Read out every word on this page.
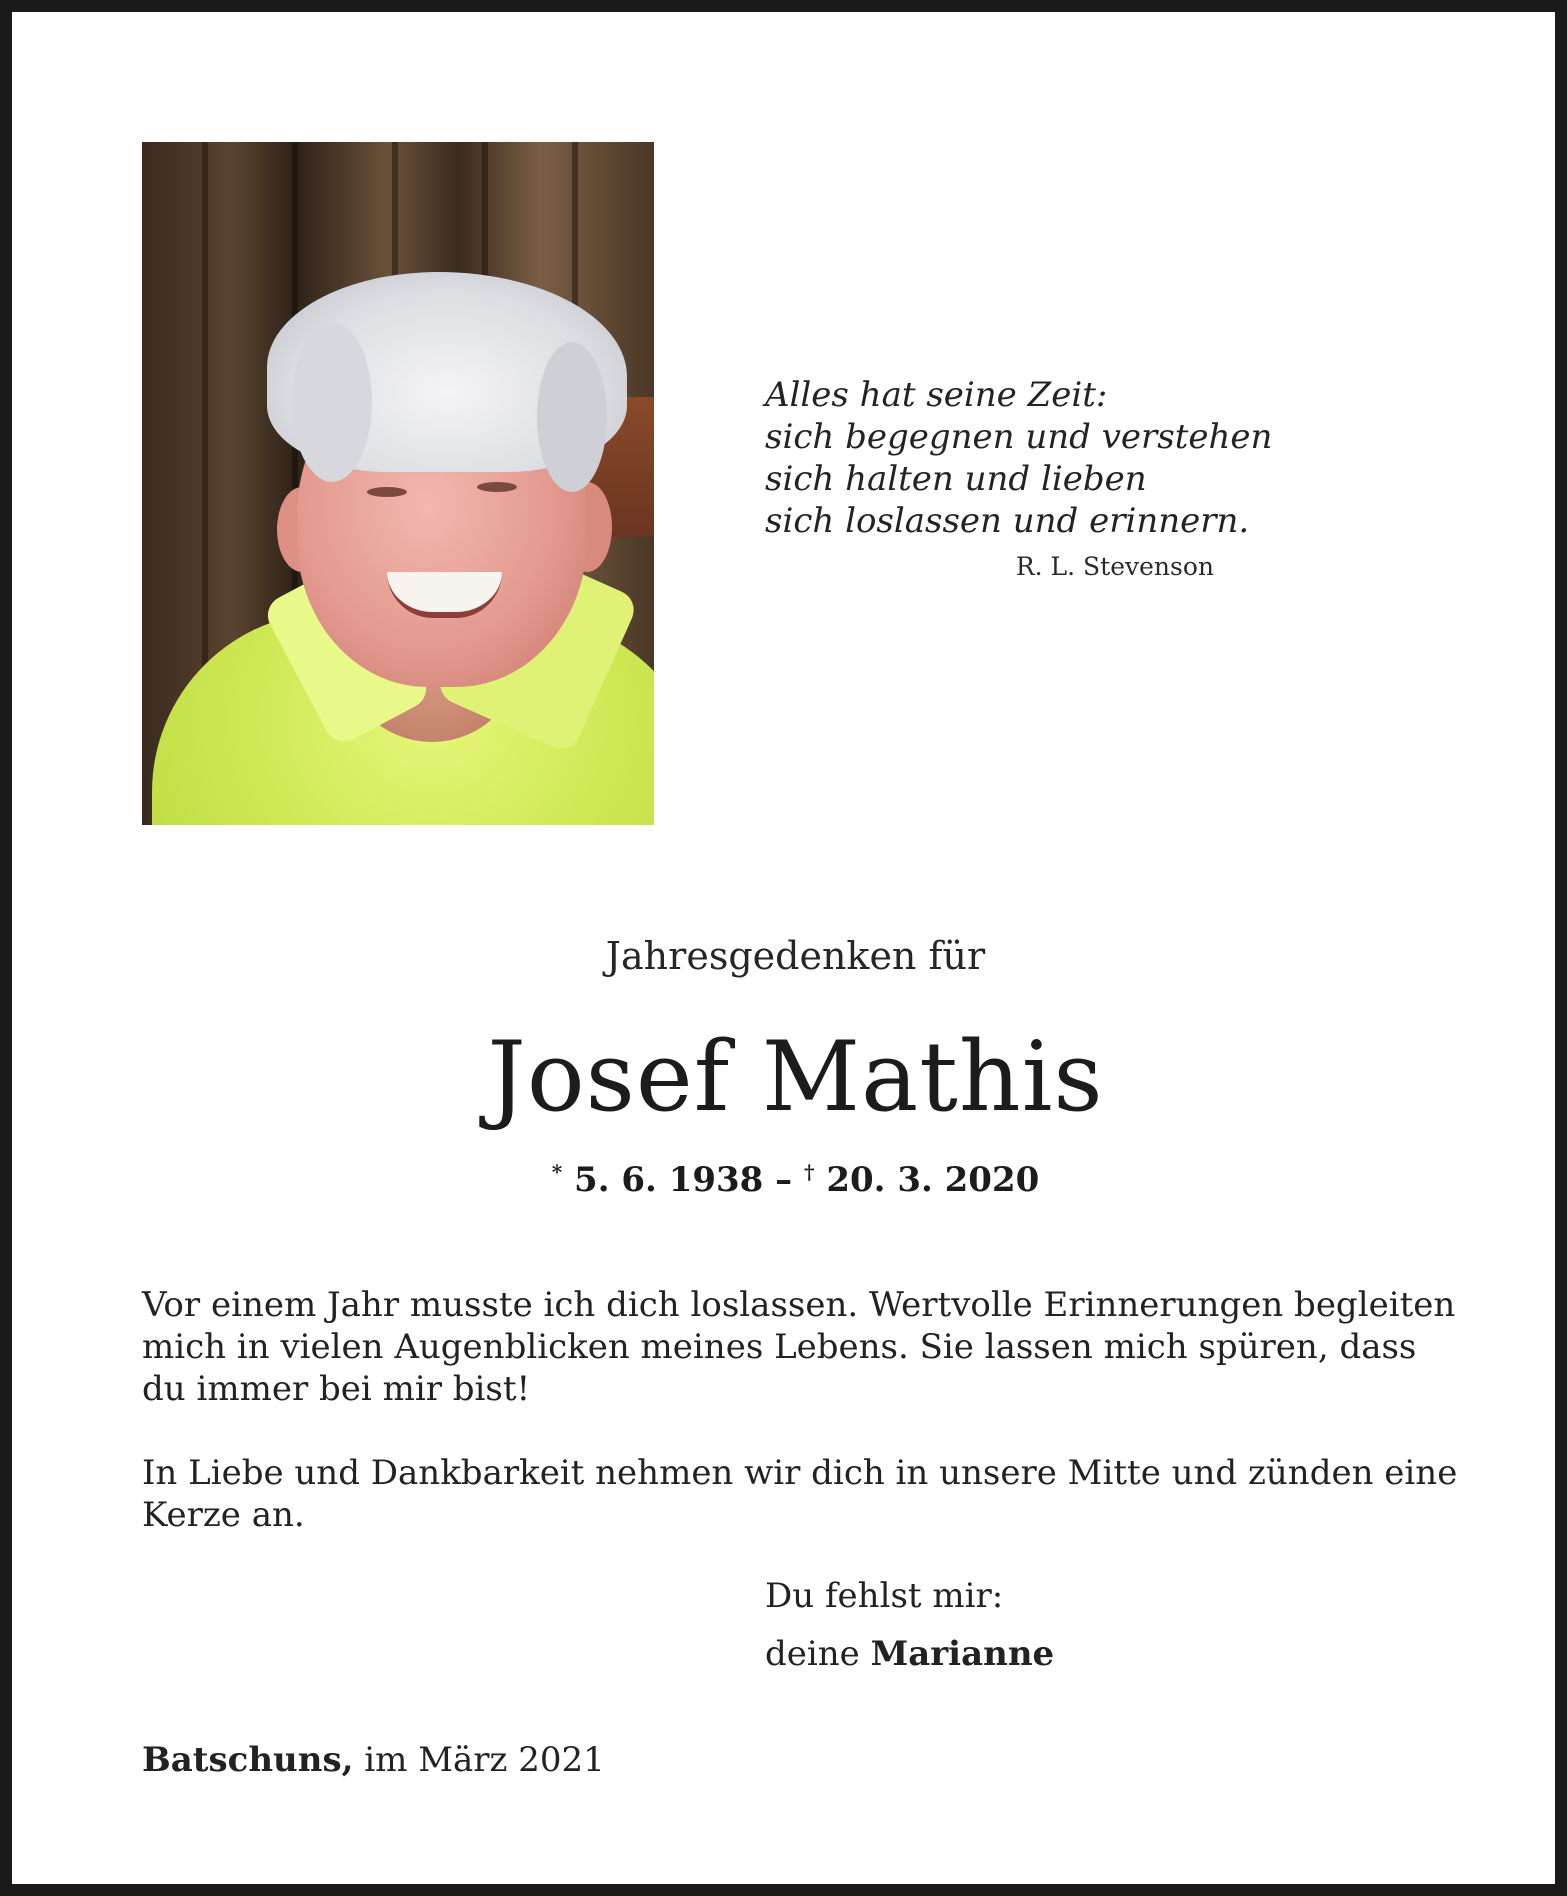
Alles hat seine Zeit:
sich begegnen und verstehen
sich halten und lieben
sich loslassen und erinnern.
R. L. Stevenson
Jahresgedenken für
Josef Mathis
* 5. 6. 1938 – † 20. 3. 2020
Vor einem Jahr musste ich dich loslassen. Wertvolle Erinnerungen begleiten mich in vielen Augenblicken meines Lebens. Sie lassen mich spüren, dass du immer bei mir bist!
In Liebe und Dankbarkeit nehmen wir dich in unsere Mitte und zünden eine Kerze an.
Du fehlst mir:
deine Marianne
Batschuns, im März 2021
